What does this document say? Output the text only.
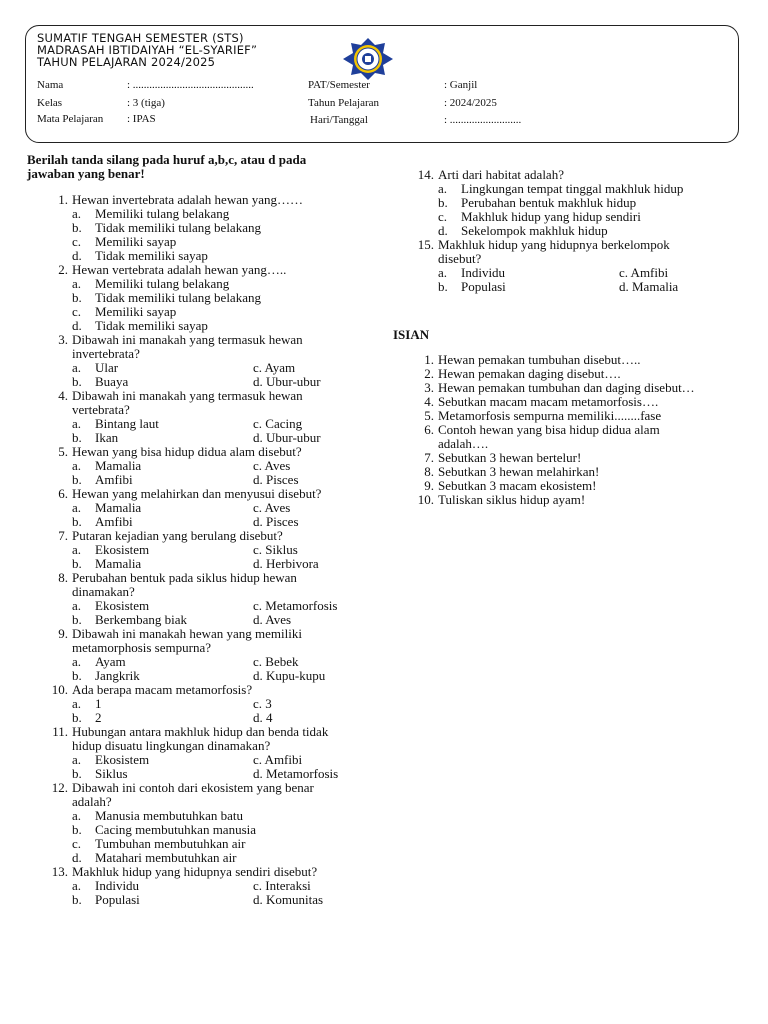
SUMATIF TENGAH SEMESTER (STS)
MADRASAH IBTIDAIYAH “EL-SYARIEF”
TAHUN PELAJARAN 2024/2025
Nama	: ............................................
Kelas	: 3 (tiga)
Mata Pelajaran : IPAS
PAT/Semester	: Ganjil
Tahun Pelajaran	: 2024/2025
Hari/Tanggal	: ..........................
Berilah tanda silang pada huruf a,b,c, atau d pada
jawaban yang benar!
ISIAN
1. Hewan invertebrata adalah hewan yang……
a. Memiliki tulang belakang
b. Tidak memiliki tulang belakang
c. Memiliki sayap
d. Tidak memiliki sayap
2. Hewan vertebrata adalah hewan yang…..
a. Memiliki tulang belakang
b. Tidak memiliki tulang belakang
c. Memiliki sayap
d. Tidak memiliki sayap
3. Dibawah ini manakah yang termasuk hewan
invertebrata?
a. Ular	c. Ayam
b. Buaya	d. Ubur-ubur
4. Dibawah ini manakah yang termasuk hewan
vertebrata?
a. Bintang laut	c. Cacing
b. Ikan	d. Ubur-ubur
5. Hewan yang bisa hidup didua alam disebut?
a. Mamalia	c. Aves
b. Amfibi	d. Pisces
6. Hewan yang melahirkan dan menyusui disebut?
a. Mamalia	c. Aves
b. Amfibi	d. Pisces
7. Putaran kejadian yang berulang disebut?
a. Ekosistem	c. Siklus
b. Mamalia	d. Herbivora
8. Perubahan bentuk pada siklus hidup hewan
dinamakan?
a. Ekosistem	c. Metamorfosis
b. Berkembang biak	d. Aves
9. Dibawah ini manakah hewan yang memiliki
metamorphosis sempurna?
a. Ayam	c. Bebek
b. Jangkrik	d. Kupu-kupu
10. Ada berapa macam metamorfosis?
a. 1	c. 3
b. 2	d. 4
11. Hubungan antara makhluk hidup dan benda tidak
hidup disuatu lingkungan dinamakan?
a. Ekosistem	c. Amfibi
b. Siklus	d. Metamorfosis
12. Dibawah ini contoh dari ekosistem yang benar
adalah?
a. Manusia membutuhkan batu
b. Cacing membutuhkan manusia
c. Tumbuhan membutuhkan air
d. Matahari membutuhkan air
13. Makhluk hidup yang hidupnya sendiri disebut?
a. Individu	c. Interaksi
b. Populasi	d. Komunitas
14. Arti dari habitat adalah?
a. Lingkungan tempat tinggal makhluk hidup
b. Perubahan bentuk makhluk hidup
c. Makhluk hidup yang hidup sendiri
d. Sekelompok makhluk hidup
15. Makhluk hidup yang hidupnya berkelompok
disebut?
a. Individu	c. Amfibi
b. Populasi	d. Mamalia
1. Hewan pemakan tumbuhan disebut…..
2. Hewan pemakan daging disebut….
3. Hewan pemakan tumbuhan dan daging disebut…
4. Sebutkan macam macam metamorfosis….
5. Metamorfosis sempurna memiliki........fase
6. Contoh hewan yang bisa hidup didua alam
adalah….
7. Sebutkan 3 hewan bertelur!
8. Sebutkan 3 hewan melahirkan!
9. Sebutkan 3 macam ekosistem!
10. Tuliskan siklus hidup ayam!
